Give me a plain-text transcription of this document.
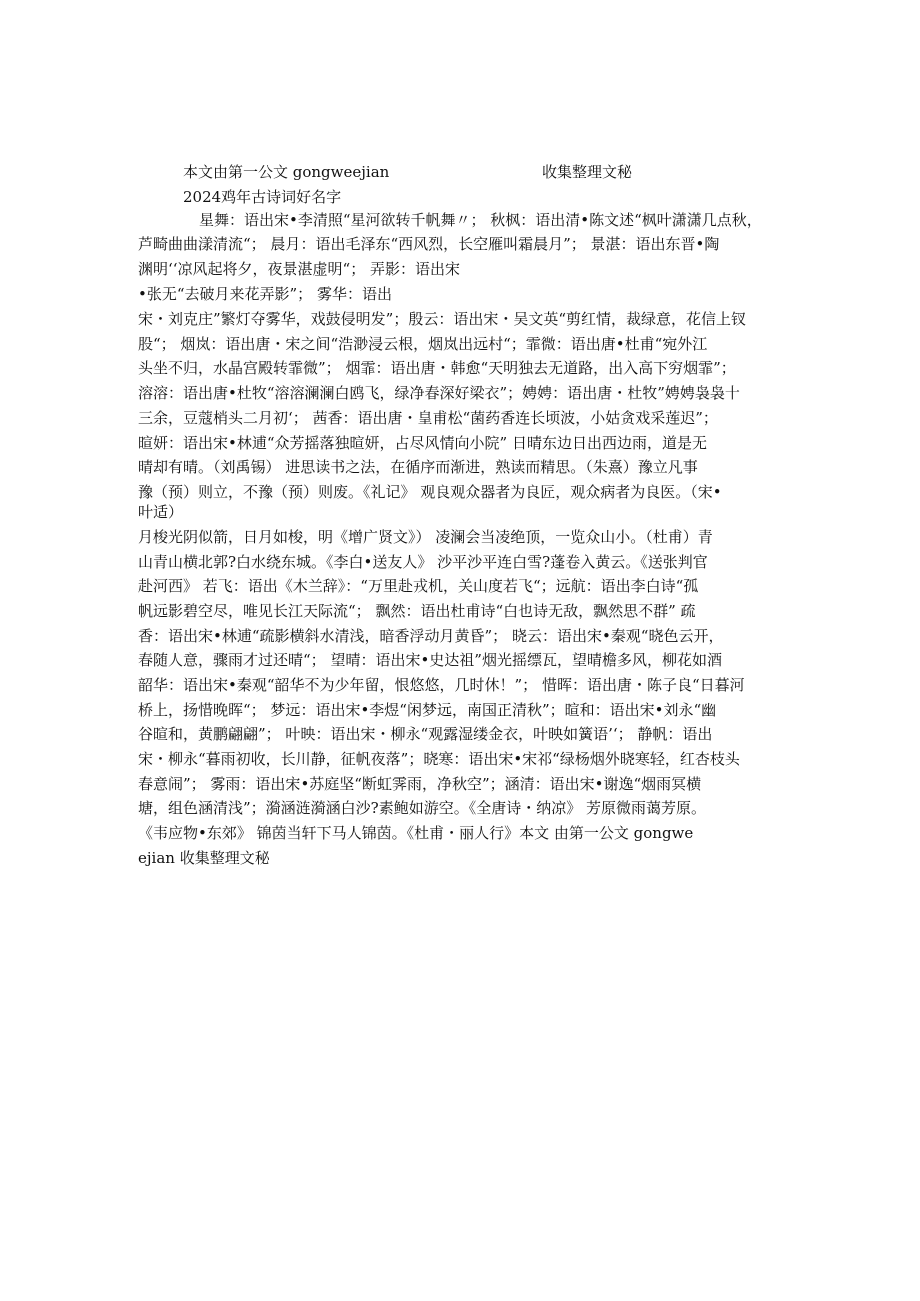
本文由第一公文 gongweejian	收集整理文秘
2024鸡年古诗词好名字
星舞：语出宋•李清照“星河欲转千帆舞〃； 秋枫：语出清•陈文述“枫叶潇潇几点秋，
芦畸曲曲漾清流“； 晨月：语出毛泽东“西风烈，长空雁叫霜晨月”； 景湛：语出东晋•陶
渊明‘‘凉风起将夕，夜景湛虚明“； 弄影：语出宋
•张无“去破月来花弄影”； 雾华：语出
宋・刘克庄”繁灯夺雾华，戏鼓侵明发”；殷云：语出宋・吴文英“剪红情，裁绿意，花信上钗
股“； 烟岚：语出唐・宋之间“浩渺浸云根，烟岚出远村“；霏微：语出唐•杜甫“宛外江
头坐不归，水晶宫殿转霏微”； 烟霏：语出唐・韩愈“天明独去无道路，出入高下穷烟霏”；
溶溶：语出唐•杜牧“溶溶澜澜白鸥飞，绿净春深好梁衣”；娉娉：语出唐・杜牧”娉娉袅袅十
三余，豆蔻梢头二月初‘； 茜香：语出唐・皇甫松“菌药香连长顷波，小姑贪戏采莲迟”；
暄妍：语出宋•林逋“众芳摇落独暄妍，占尽风情向小院” 日晴东边日出西边雨，道是无
晴却有晴。（刘禹锡） 进思读书之法，在循序而渐进，熟读而精思。（朱熹）豫立凡事
豫（预）则立，不豫（预）则废。《礼记》 观良观众器者为良匠，观众病者为良医。（宋•
叶适）
月梭光阴似箭，日月如梭，明《增广贤文》） 凌澜会当凌绝顶，一览众山小。（杜甫）青
山青山横北郭?白水绕东城。《李白•送友人》 沙平沙平连白雪?蓬卷入黄云。《送张判官
赴河西》 若飞：语出《木兰辞》：“万里赴戎机，关山度若飞“；远航：语出李白诗“孤
帆远影碧空尽，唯见长江天际流“； 飘然：语出杜甫诗“白也诗无敌，飘然思不群” 疏
香：语出宋•林逋“疏影横斜水清浅，暗香浮动月黄昏”； 晓云：语出宋•秦观“晓色云开，
春随人意，骤雨才过还晴“； 望晴：语出宋•史达祖”烟光摇缥瓦，望晴檐多风，柳花如酒
韶华：语出宋•秦观“韶华不为少年留，恨悠悠，几时休！”； 惜晖：语出唐・陈子良“日暮河
桥上，扬惜晚晖“； 梦远：语出宋•李煜“闲梦远，南国正清秋”；暄和：语出宋•刘永“幽
谷暄和，黄鹏翩翩”； 叶映：语出宋・柳永“观露湿缕金衣，叶映如簧语’‘； 静帆：语出
宋・柳永“暮雨初收，长川静，征帆夜落”；晓寒：语出宋•宋祁“绿杨烟外晓寒轻，红杏枝头
春意闹”； 雾雨：语出宋•苏庭坚“断虹霁雨，净秋空”；涵清：语出宋•谢逸“烟雨冥横
塘，组色涵清浅”；漪涵涟漪涵白沙?素鲍如游空。《全唐诗・纳凉》 芳原微雨蔼芳原。
《韦应物•东郊》 锦茵当轩下马人锦茵。《杜甫・丽人行》本文 由第一公文 gongwe
ejian 收集整理文秘
